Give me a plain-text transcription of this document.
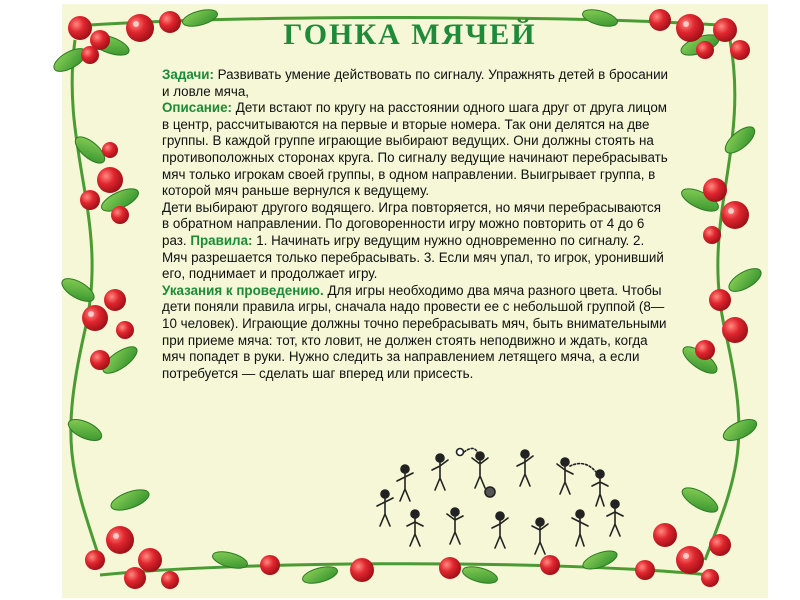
ГОНКА МЯЧЕЙ

Задачи: Развивать умение действовать по сигналу. Упражнять детей в бросании и ловле мяча,

Описание: Дети встают по кругу на расстоянии одного шага друг от друга лицом в центр, рассчитываются на первые и вторые номера. Так они делятся на две группы. В каждой группе играющие выбирают ведущих. Они должны стоять на противоположных сторонах круга. По сигналу ведущие начинают перебрасывать мяч только игрокам своей группы, в одном направлении. Выигрывает группа, в которой мяч раньше вернулся к ведущему.

Дети выбирают другого водящего. Игра повторяется, но мячи перебрасываются в обратном направлении. По договоренности игру можно повторить от 4 до 6 раз. Правила: 1. Начинать игру ведущим нужно одновременно по сигналу. 2. Мяч разрешается только перебрасывать. 3. Если мяч упал, то игрок, уронивший его, поднимает и продолжает игру.

Указания к проведению. Для игры необходимо два мяча разного цвета. Чтобы дети поняли правила игры, сначала надо провести ее с небольшой группой (8—10 человек). Играющие должны точно перебрасывать мяч, быть внимательными при приеме мяча: тот, кто ловит, не должен стоять неподвижно и ждать, когда мяч попадет в руки. Нужно следить за направлением летящего мяча, а если потребуется — сделать шаг вперед или присесть.
